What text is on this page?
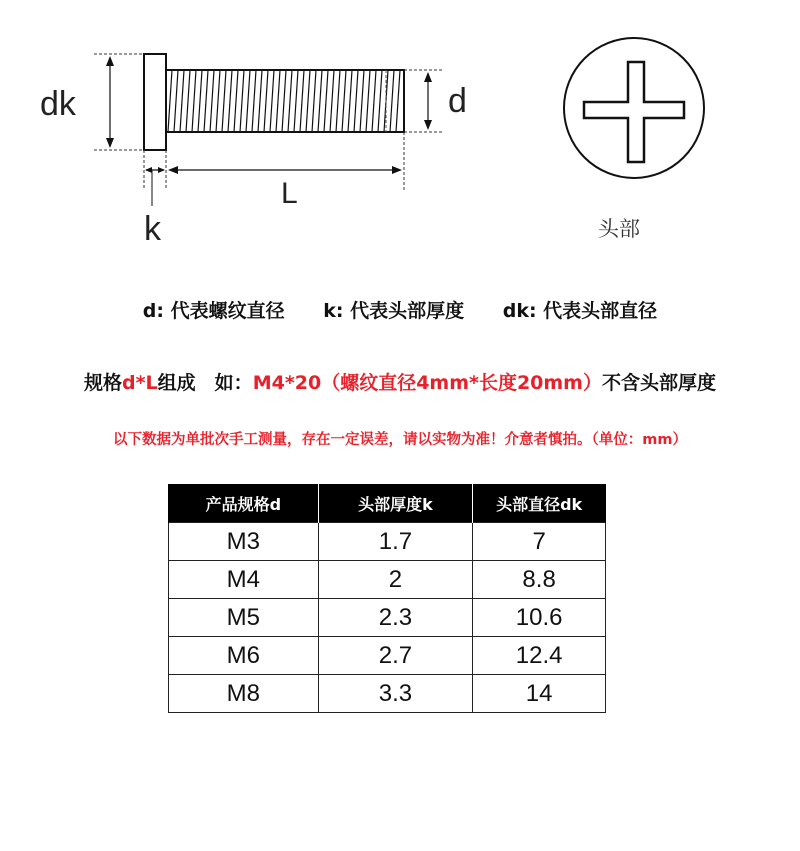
dk	d
L
k	头部
d: 代表螺纹直径 k: 代表头部厚度 dk: 代表头部直径
规格d*L组成　如：M4*20（螺纹直径4mm*长度20mm）不含头部厚度
以下数据为单批次手工测量，存在一定误差，请以实物为准！介意者慎拍。（单位：mm）
产品规格d	头部厚度k	头部直径dk
M3	1.7	7
M4	2	8.8
M5	2.3	10.6
M6	2.7	12.4
M8	3.3	14
